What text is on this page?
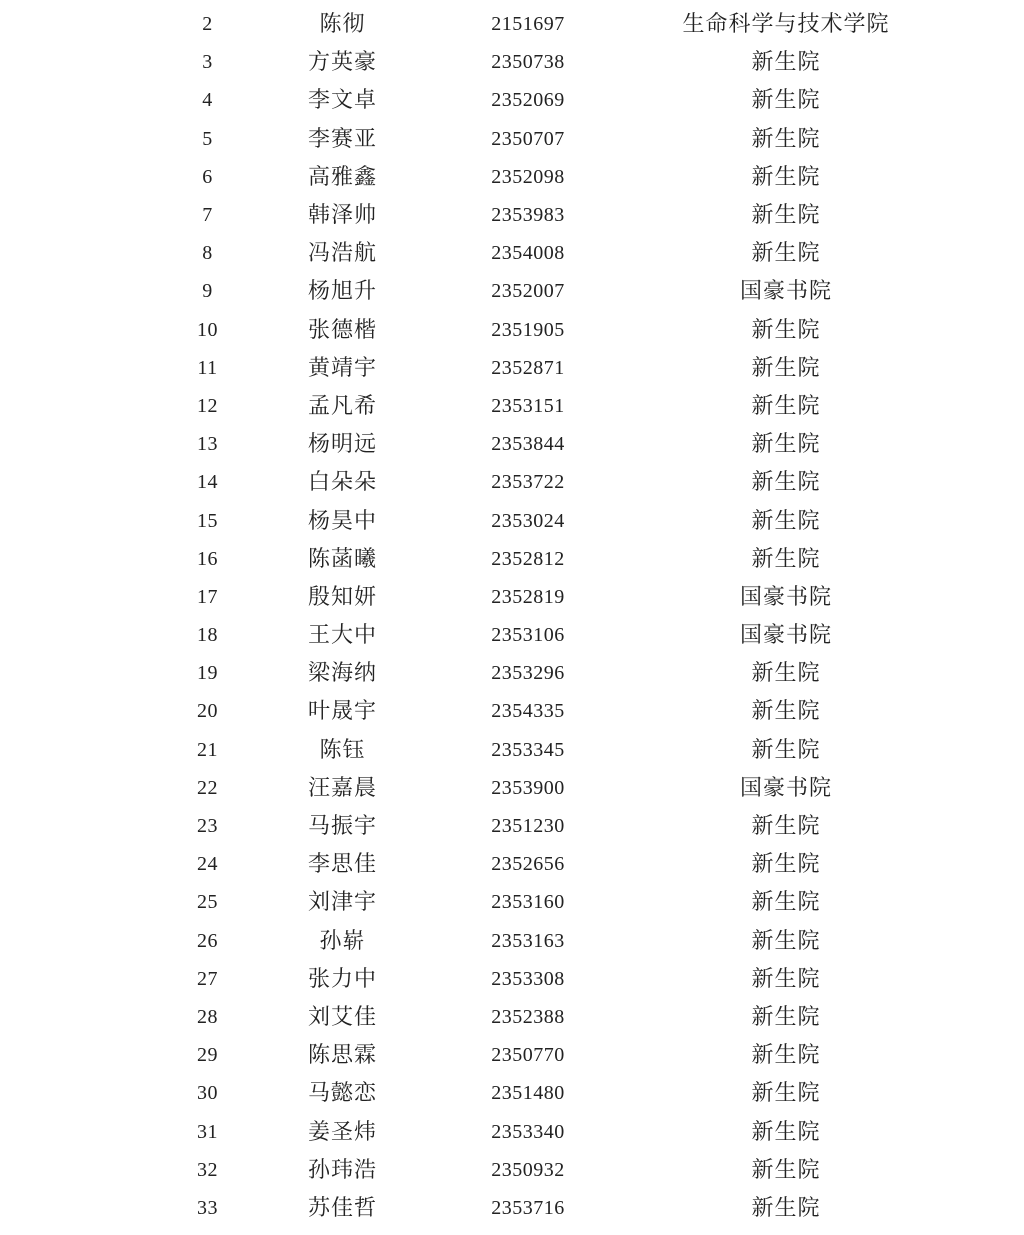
2	陈彻	2151697	生命科学与技术学院
3	方英豪	2350738	新生院
4	李文卓	2352069	新生院
5	李赛亚	2350707	新生院
6	高雅鑫	2352098	新生院
7	韩泽帅	2353983	新生院
8	冯浩航	2354008	新生院
9	杨旭升	2352007	国豪书院
10	张德楷	2351905	新生院
11	黄靖宇	2352871	新生院
12	孟凡希	2353151	新生院
13	杨明远	2353844	新生院
14	白朵朵	2353722	新生院
15	杨昊中	2353024	新生院
16	陈菡曦	2352812	新生院
17	殷知妍	2352819	国豪书院
18	王大中	2353106	国豪书院
19	梁海纳	2353296	新生院
20	叶晟宇	2354335	新生院
21	陈钰	2353345	新生院
22	汪嘉晨	2353900	国豪书院
23	马振宇	2351230	新生院
24	李思佳	2352656	新生院
25	刘津宇	2353160	新生院
26	孙崭	2353163	新生院
27	张力中	2353308	新生院
28	刘艾佳	2352388	新生院
29	陈思霖	2350770	新生院
30	马懿恋	2351480	新生院
31	姜圣炜	2353340	新生院
32	孙玮浩	2350932	新生院
33	苏佳哲	2353716	新生院
